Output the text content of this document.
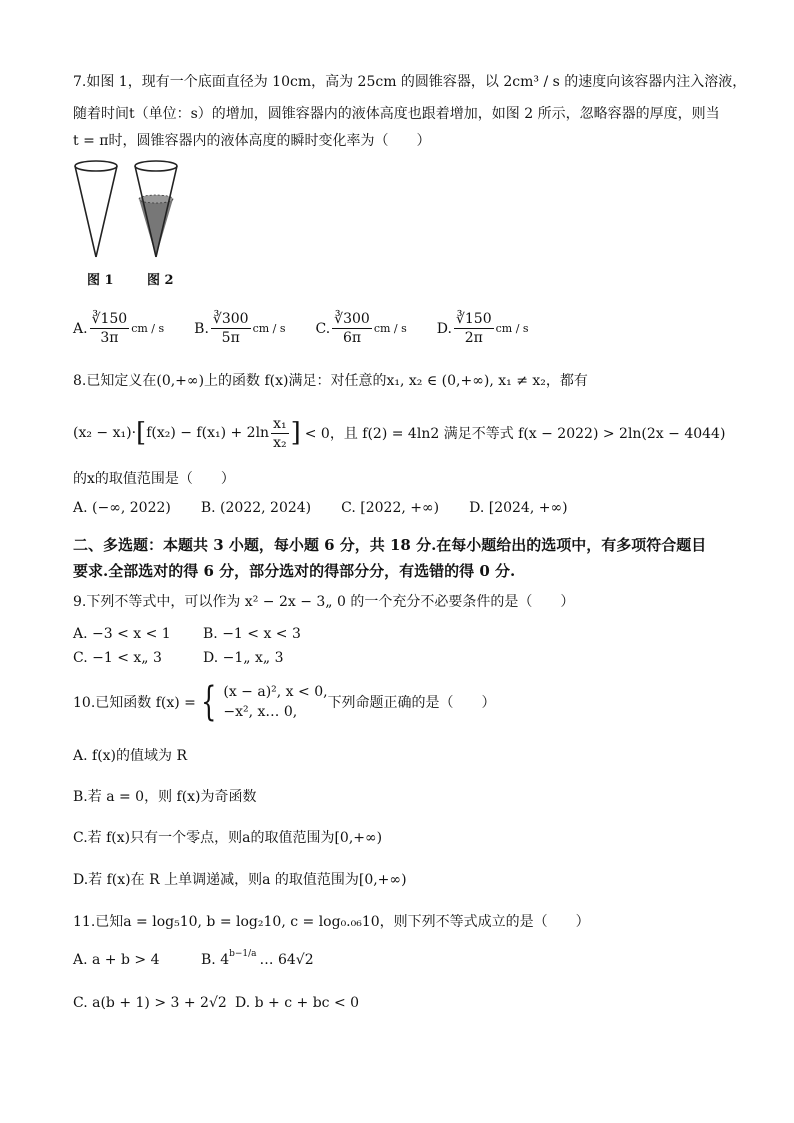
7.如图 1，现有一个底面直径为 10cm，高为 25cm 的圆锥容器，以 2cm³ / s 的速度向该容器内注入溶液，
随着时间t（单位：s）的增加，圆锥容器内的液体高度也跟着增加，如图 2 所示，忽略容器的厚度，则当
t = π时，圆锥容器内的液体高度的瞬时变化率为（　　）
图 1	图 2
A. $\frac{∛150}{3\pi}$ cm / s B. $\frac{∛300}{5\pi}$ cm / s C. $\frac{∛300}{6\pi}$ cm / s D. $\frac{∛150}{2\pi}$ cm / s
8.已知定义在(0,+∞)上的函数 f(x)满足：对任意的x₁, x₂ ∈ (0,+∞), x₁ ≠ x₂，都有
(x₂ − x₁)· [ $f(x_2) - f(x_1) + 2\ln \frac{\text{x₁}}{\text{x₂}}$ ] < 0，且 f(2) = 4ln2 满足不等式 f(x − 2022) > 2ln(2x − 4044)
的x的取值范围是（　　）
A. (−∞, 2022) B. (2022, 2024) C. [2022, +∞) D. [2024, +∞)
二、多选题：本题共 3 小题，每小题 6 分，共 18 分.在每小题给出的选项中，有多项符合题目
要求.全部选对的得 6 分，部分选对的得部分分，有选错的得 0 分.
9.下列不等式中，可以作为 x² − 2x − 3„ 0 的一个充分不必要条件的是（　　）
A. −3 < x < 1 B. −1 < x < 3
C. −1 < x„ 3	D. −1„ x„ 3
10.已知函数 f(x) = { (x − a)², x < 0,
−x², x… 0,
下列命题正确的是（　　）
A. f(x)的值域为 R
B.若 a = 0，则 f(x)为奇函数
C.若 f(x)只有一个零点，则a的取值范围为[0,+∞)
D.若 f(x)在 R 上单调递减，则a 的取值范围为[0,+∞)
11.已知a = log₅10, b = log₂10, c = log₀.₀₆10，则下列不等式成立的是（　　）
A. a + b > 4	B. $4^{b-1/a}$ … 64√2
C. a(b + 1) > 3 + 2√2 D. b + c + bc < 0
